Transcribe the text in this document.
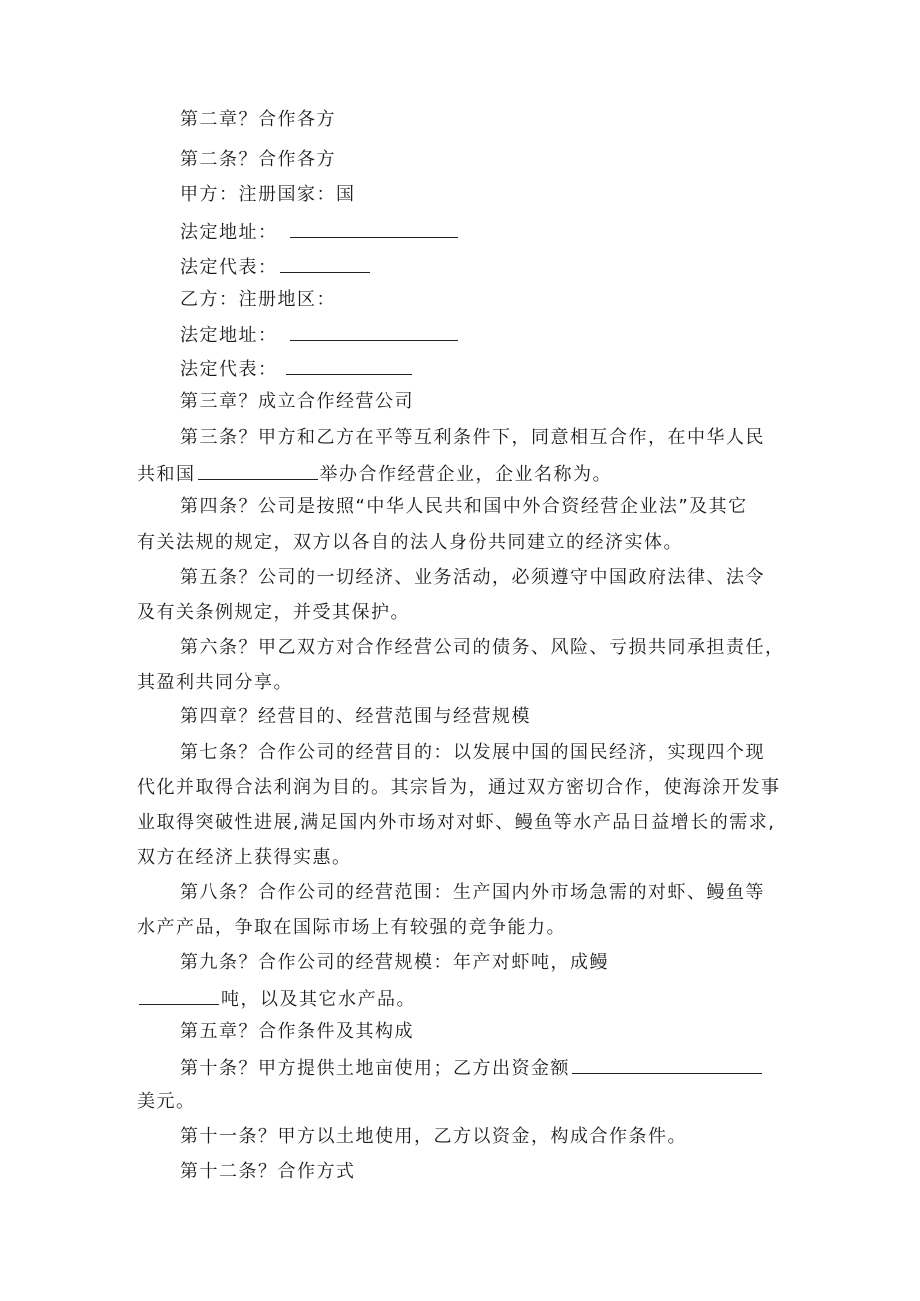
第二章？合作各方
第二条？合作各方
甲方：注册国家：国
法定地址：
法定代表：
乙方：注册地区：
法定地址：
法定代表：
第三章？成立合作经营公司
第三条？甲方和乙方在平等互利条件下，同意相互合作，在中华人民
共和国	举办合作经营企业，企业名称为。
第四条？公司是按照“中华人民共和国中外合资经营企业法”及其它
有关法规的规定，双方以各自的法人身份共同建立的经济实体。
第五条？公司的一切经济、业务活动，必须遵守中国政府法律、法令
及有关条例规定，并受其保护。
第六条？甲乙双方对合作经营公司的债务、风险、亏损共同承担责任，
其盈利共同分享。
第四章？经营目的、经营范围与经营规模
第七条？合作公司的经营目的：以发展中国的国民经济，实现四个现
代化并取得合法利润为目的。其宗旨为，通过双方密切合作，使海涂开发事
业取得突破性进展,满足国内外市场对对虾、鳗鱼等水产品日益增长的需求,
双方在经济上获得实惠。
第八条？合作公司的经营范围：生产国内外市场急需的对虾、鳗鱼等
水产产品，争取在国际市场上有较强的竞争能力。
第九条？合作公司的经营规模：年产对虾吨，成鳗
吨，以及其它水产品。
第五章？合作条件及其构成
第十条？甲方提供土地亩使用；乙方出资金额
美元。
第十一条？甲方以土地使用，乙方以资金，构成合作条件。
第十二条？合作方式
